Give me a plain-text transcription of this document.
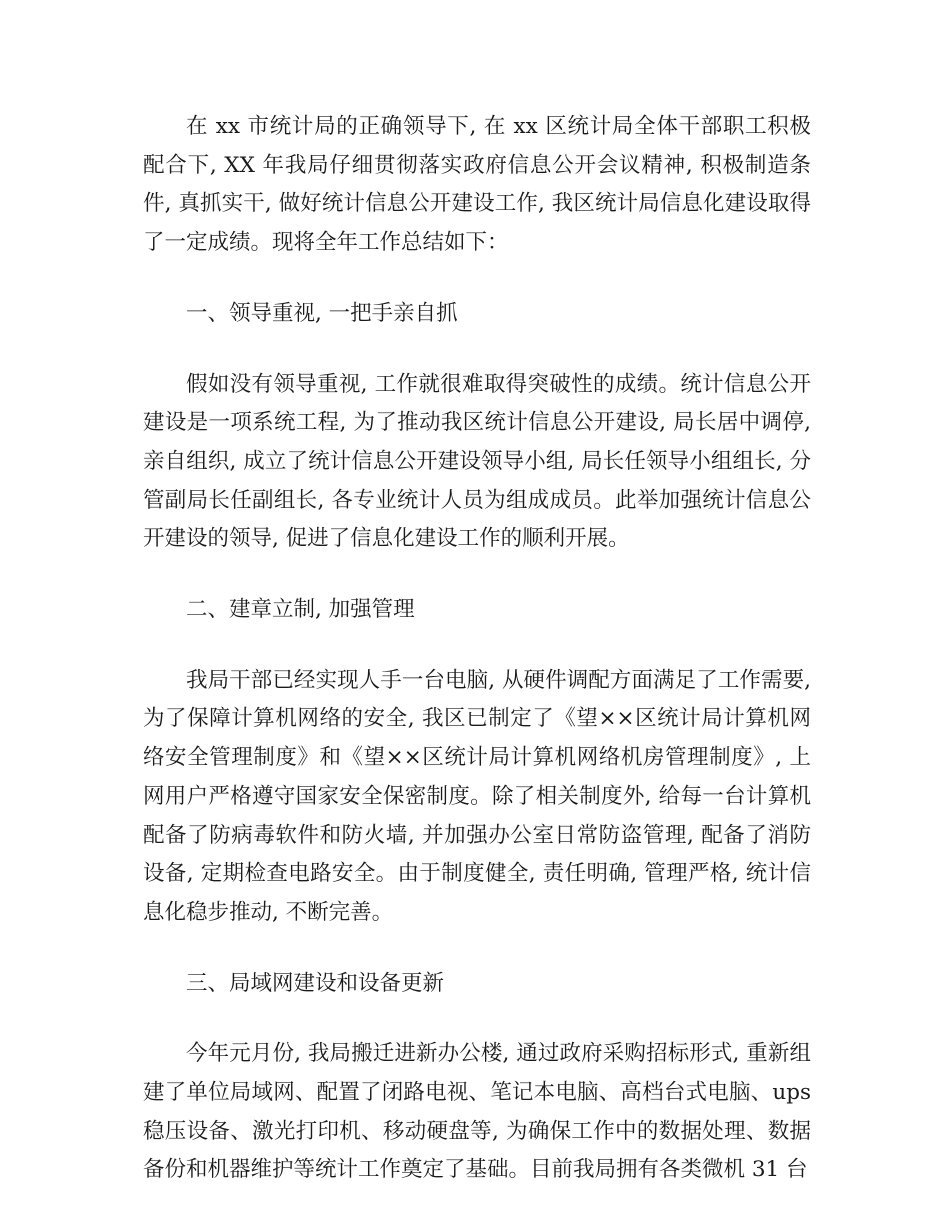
在 xx 市统计局的正确领导下, 在 xx 区统计局全体干部职工积极配合下, XX 年我局仔细贯彻落实政府信息公开会议精神, 积极制造条件, 真抓实干, 做好统计信息公开建设工作, 我区统计局信息化建设取得了一定成绩。现将全年工作总结如下：

一、领导重视, 一把手亲自抓

假如没有领导重视, 工作就很难取得突破性的成绩。统计信息公开建设是一项系统工程, 为了推动我区统计信息公开建设, 局长居中调停, 亲自组织, 成立了统计信息公开建设领导小组, 局长任领导小组组长, 分管副局长任副组长, 各专业统计人员为组成成员。此举加强统计信息公开建设的领导, 促进了信息化建设工作的顺利开展。

二、建章立制, 加强管理

我局干部已经实现人手一台电脑, 从硬件调配方面满足了工作需要, 为了保障计算机网络的安全, 我区已制定了《望××区统计局计算机网络安全管理制度》和《望××区统计局计算机网络机房管理制度》, 上网用户严格遵守国家安全保密制度。除了相关制度外, 给每一台计算机配备了防病毒软件和防火墙, 并加强办公室日常防盗管理, 配备了消防设备, 定期检查电路安全。由于制度健全, 责任明确, 管理严格, 统计信息化稳步推动, 不断完善。

三、局域网建设和设备更新

今年元月份, 我局搬迁进新办公楼, 通过政府采购招标形式, 重新组建了单位局域网、配置了闭路电视、笔记本电脑、高档台式电脑、ups 稳压设备、激光打印机、移动硬盘等, 为确保工作中的数据处理、数据备份和机器维护等统计工作奠定了基础。目前我局拥有各类微机 31 台
